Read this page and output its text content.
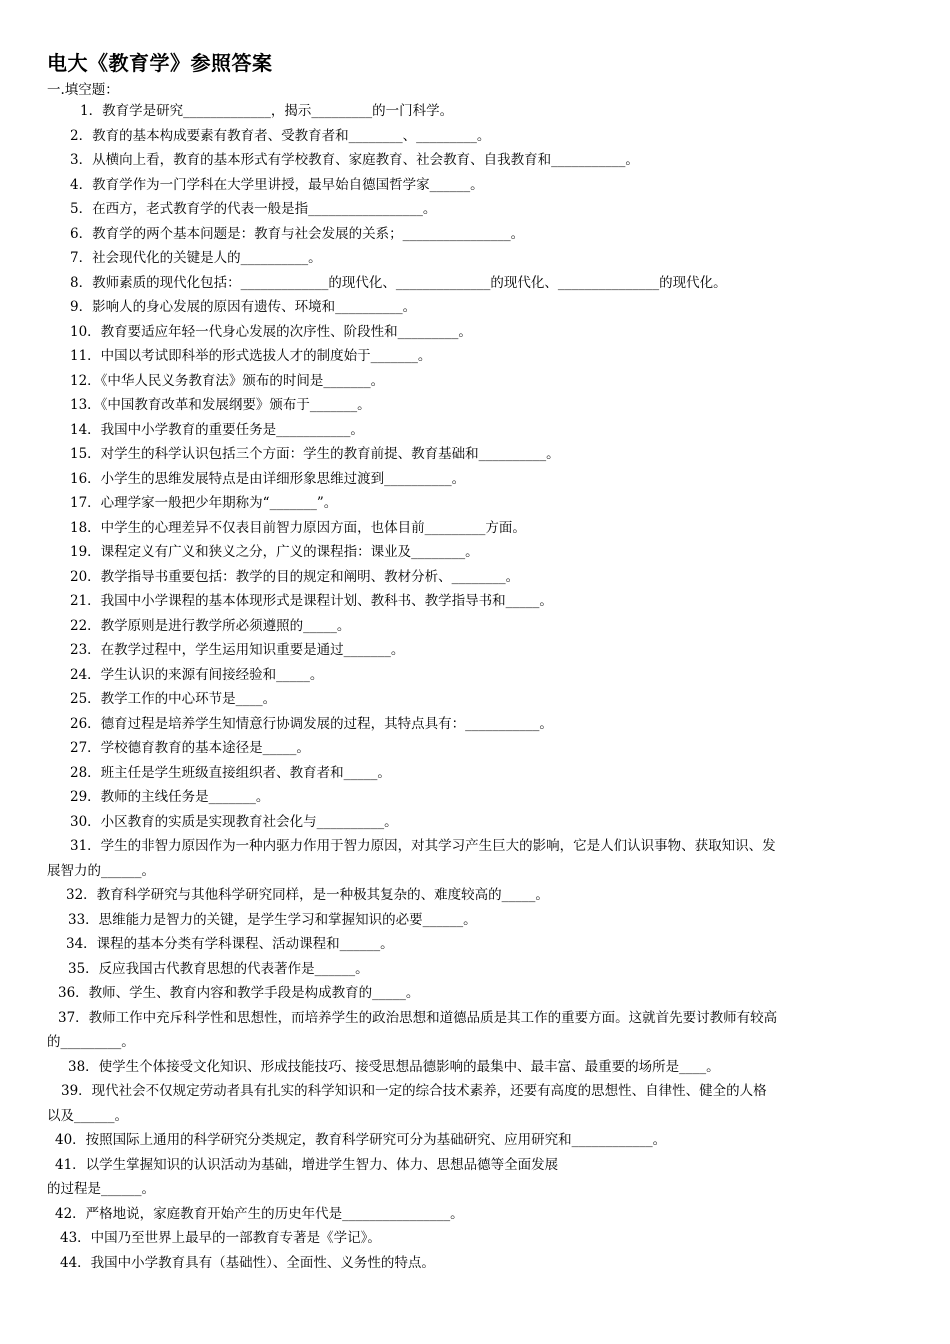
电大《教育学》参照答案
一.填空题：
1．教育学是研究_____________，揭示_________的一门科学。
2．教育的基本构成要素有教育者、受教育者和________、_________。
3．从横向上看，教育的基本形式有学校教育、家庭教育、社会教育、自我教育和___________。
4．教育学作为一门学科在大学里讲授，最早始自德国哲学家______。
5．在西方，老式教育学的代表一般是指_________________。
6．教育学的两个基本问题是：教育与社会发展的关系；________________。
7．社会现代化的关键是人的__________。
8．教师素质的现代化包括：_____________的现代化、______________的现代化、_______________的现代化。
9．影响人的身心发展的原因有遗传、环境和__________。
10．教育要适应年轻一代身心发展的次序性、阶段性和_________。
11．中国以考试即科举的形式选拔人才的制度始于_______。
12．《中华人民义务教育法》颁布的时间是_______。
13．《中国教育改革和发展纲要》颁布于_______。
14．我国中小学教育的重要任务是___________。
15．对学生的科学认识包括三个方面：学生的教育前提、教育基础和__________。
16．小学生的思维发展特点是由详细形象思维过渡到__________。
17．心理学家一般把少年期称为“_______”。
18．中学生的心理差异不仅表目前智力原因方面，也体目前_________方面。
19．课程定义有广义和狭义之分，广义的课程指：课业及________。
20．教学指导书重要包括：教学的目的规定和阐明、教材分析、________。
21．我国中小学课程的基本体现形式是课程计划、教科书、教学指导书和_____。
22．教学原则是进行教学所必须遵照的_____。
23．在教学过程中，学生运用知识重要是通过_______。
24．学生认识的来源有间接经验和_____。
25．教学工作的中心环节是____。
26．德育过程是培养学生知情意行协调发展的过程，其特点具有：___________。
27．学校德育教育的基本途径是_____。
28．班主任是学生班级直接组织者、教育者和_____。
29．教师的主线任务是_______。
30．小区教育的实质是实现教育社会化与__________。
31．学生的非智力原因作为一种内驱力作用于智力原因，对其学习产生巨大的影响，它是人们认识事物、获取知识、发
展智力的______。
32．教育科学研究与其他科学研究同样，是一种极其复杂的、难度较高的_____。
33．思维能力是智力的关键，是学生学习和掌握知识的必要______。
34．课程的基本分类有学科课程、活动课程和______。
35．反应我国古代教育思想的代表著作是______。
36．教师、学生、教育内容和教学手段是构成教育的_____。
37．教师工作中充斥科学性和思想性，而培养学生的政治思想和道德品质是其工作的重要方面。这就首先要讨教师有较高
的_________。
38．使学生个体接受文化知识、形成技能技巧、接受思想品德影响的最集中、最丰富、最重要的场所是____。
39．现代社会不仅规定劳动者具有扎实的科学知识和一定的综合技术素养，还要有高度的思想性、自律性、健全的人格
以及______。
40．按照国际上通用的科学研究分类规定，教育科学研究可分为基础研究、应用研究和____________。
41．以学生掌握知识的认识活动为基础，增进学生智力、体力、思想品德等全面发展
的过程是______。
42．严格地说，家庭教育开始产生的历史年代是________________。
43．中国乃至世界上最早的一部教育专著是《学记》。
44．我国中小学教育具有（基础性）、全面性、义务性的特点。
